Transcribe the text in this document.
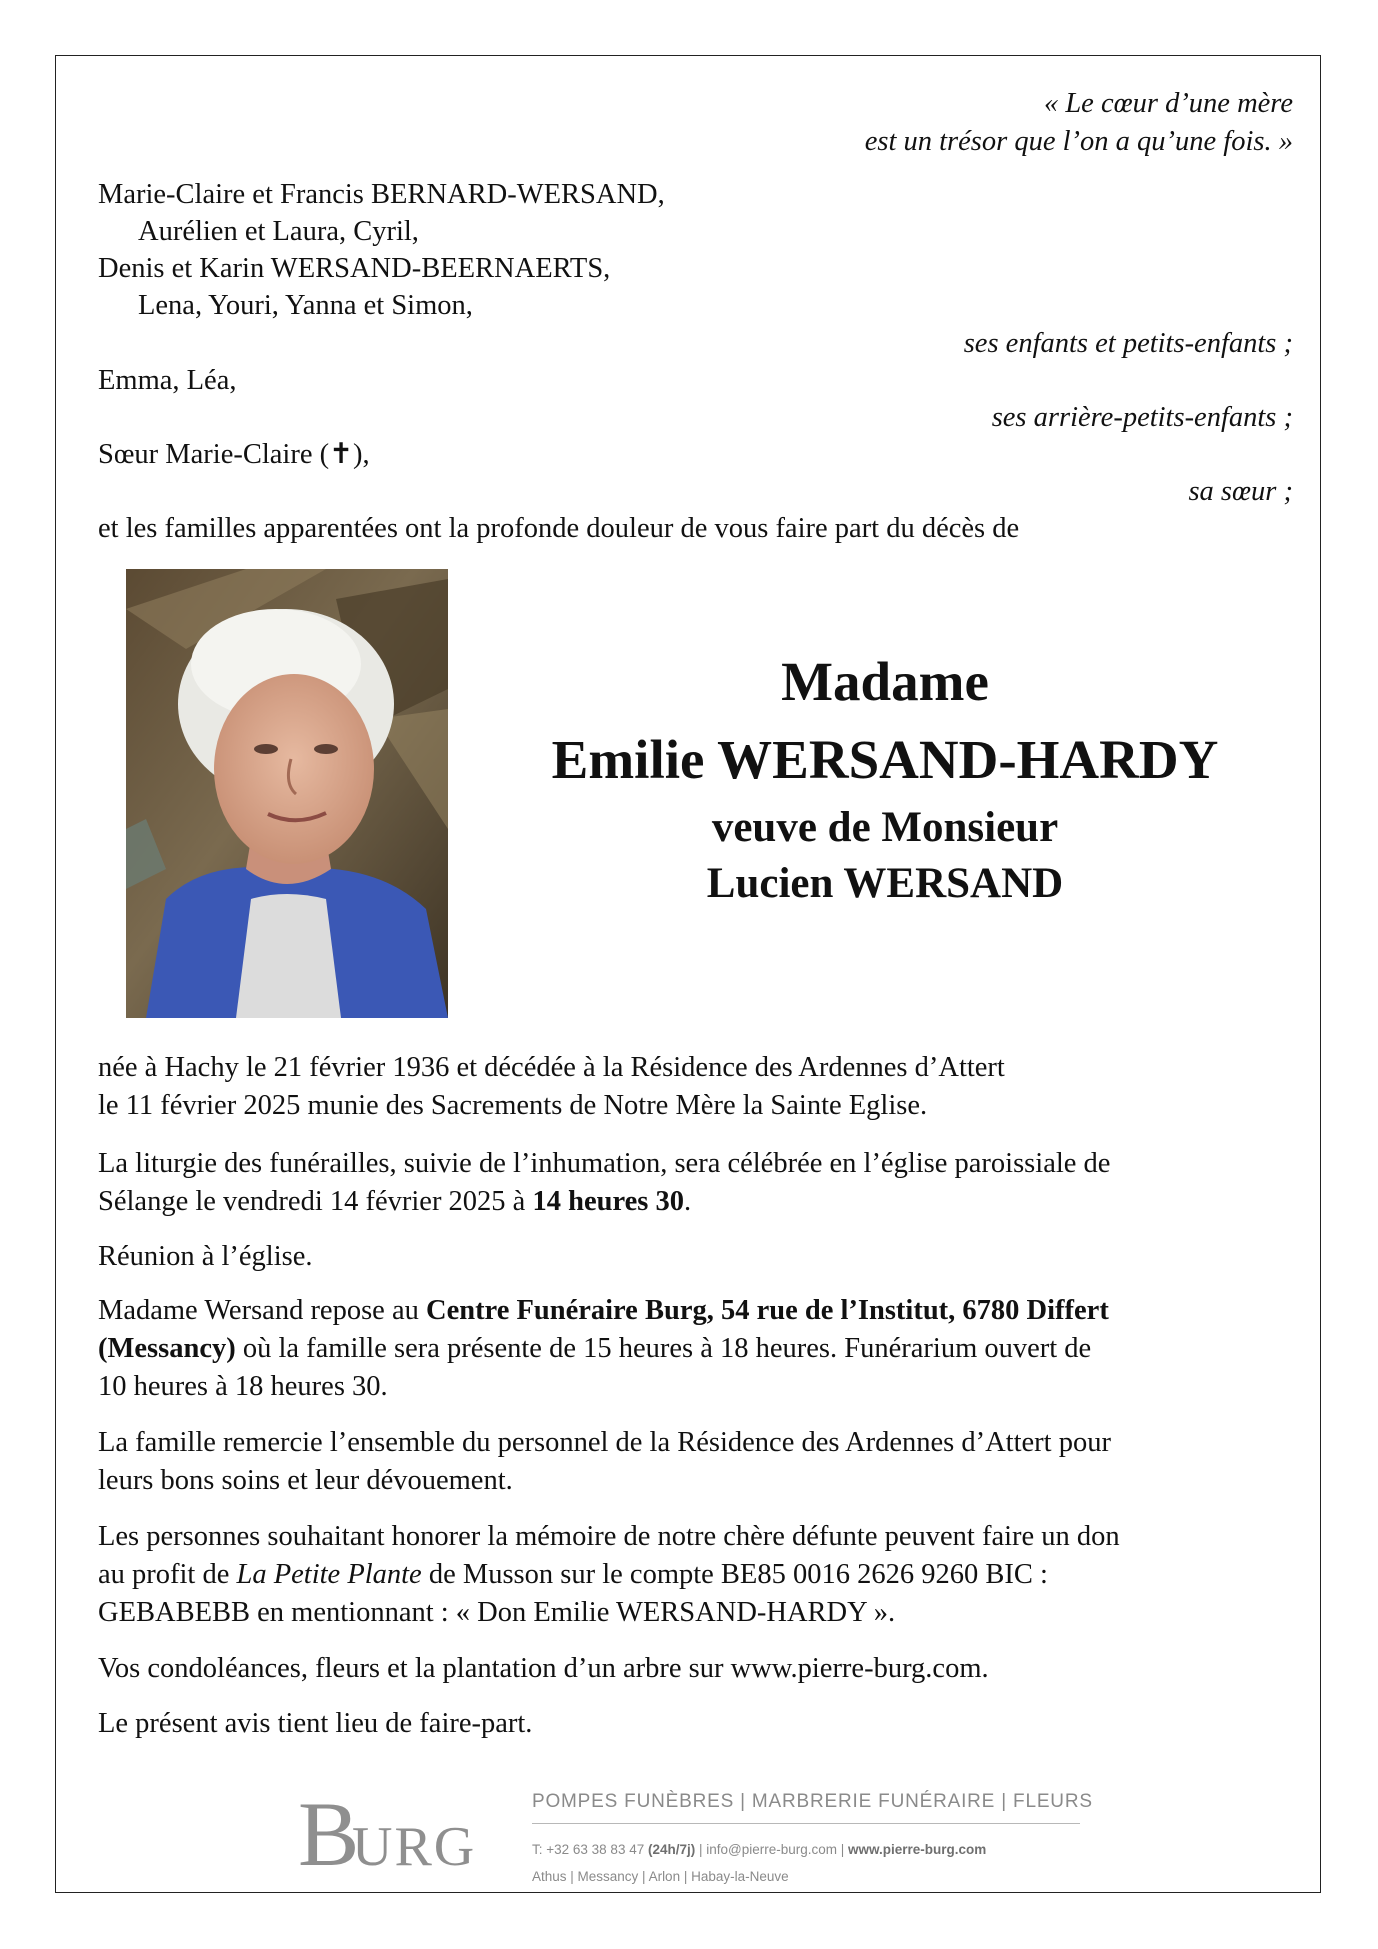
« Le cœur d’une mère
est un trésor que l’on a qu’une fois. »
Marie-Claire et Francis BERNARD-WERSAND,
Aurélien et Laura, Cyril,
Denis et Karin WERSAND-BEERNAERTS,
Lena, Youri, Yanna et Simon,
ses enfants et petits-enfants ;
Emma, Léa,
ses arrière-petits-enfants ;
Sœur Marie-Claire (✝),
sa sœur ;
et les familles apparentées ont la profonde douleur de vous faire part du décès de
Madame
Emilie WERSAND-HARDY
veuve de Monsieur
Lucien WERSAND

née à Hachy le 21 février 1936 et décédée à la Résidence des Ardennes d’Attert

le 11 février 2025 munie des Sacrements de Notre Mère la Sainte Eglise.

La liturgie des funérailles, suivie de l’inhumation, sera célébrée en l’église paroissiale de

Sélange le vendredi 14 février 2025 à 14 heures 30.

Réunion à l’église.

Madame Wersand repose au Centre Funéraire Burg, 54 rue de l’Institut, 6780 Differt

(Messancy) où la famille sera présente de 15 heures à 18 heures. Funérarium ouvert de

10 heures à 18 heures 30.

La famille remercie l’ensemble du personnel de la Résidence des Ardennes d’Attert pour

leurs bons soins et leur dévouement.

Les personnes souhaitant honorer la mémoire de notre chère défunte peuvent faire un don

au profit de La Petite Plante de Musson sur le compte BE85 0016 2626 9260 BIC :

GEBABEBB en mentionnant : « Don Emilie WERSAND-HARDY ».

Vos condoléances, fleurs et la plantation d’un arbre sur www.pierre-burg.com.

Le présent avis tient lieu de faire-part.

B
URG
POMPES FUNÈBRES | MARBRERIE FUNÉRAIRE | FLEURS
T: +32 63 38 83 47 (24h/7j) | info@pierre-burg.com | www.pierre-burg.com
Athus | Messancy | Arlon | Habay-la-Neuve
